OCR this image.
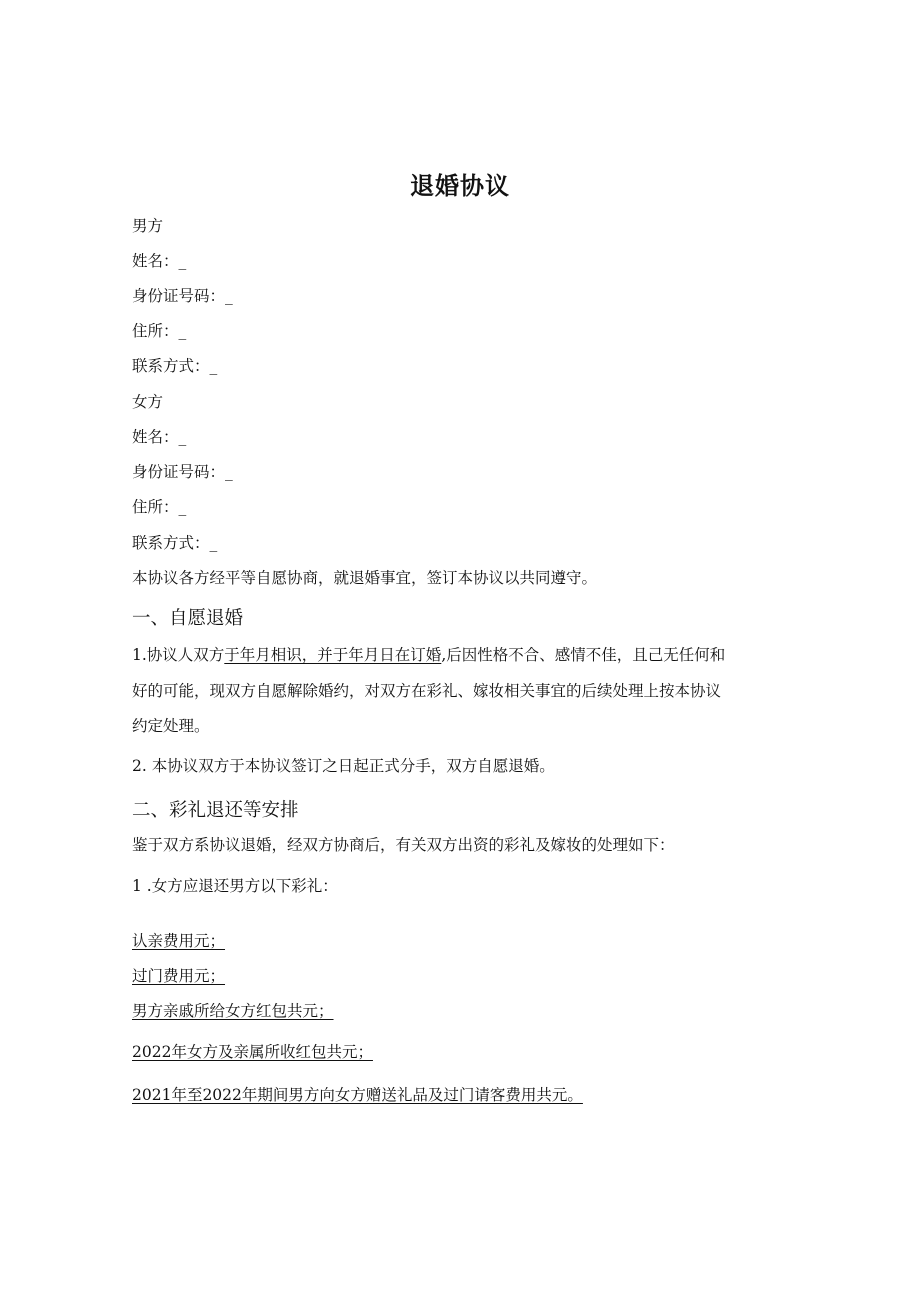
退婚协议
男方
姓名：_
身份证号码：_
住所：_
联系方式：_
女方
姓名：_
身份证号码：_
住所：_
联系方式：_
本协议各方经平等自愿协商，就退婚事宜，签订本协议以共同遵守。
一、自愿退婚
1.协议人双方于年月相识，并于年月日在订婚,后因性格不合、感情不佳，且己无任何和
好的可能，现双方自愿解除婚约，对双方在彩礼、嫁妆相关事宜的后续处理上按本协议
约定处理。
2. 本协议双方于本协议签订之日起正式分手，双方自愿退婚。
二、彩礼退还等安排
鉴于双方系协议退婚，经双方协商后，有关双方出资的彩礼及嫁妆的处理如下：
1 .女方应退还男方以下彩礼：
认亲费用元；
过门费用元；
男方亲戚所给女方红包共元；
2022年女方及亲属所收红包共元；
2021年至2022年期间男方向女方赠送礼品及过门请客费用共元。
